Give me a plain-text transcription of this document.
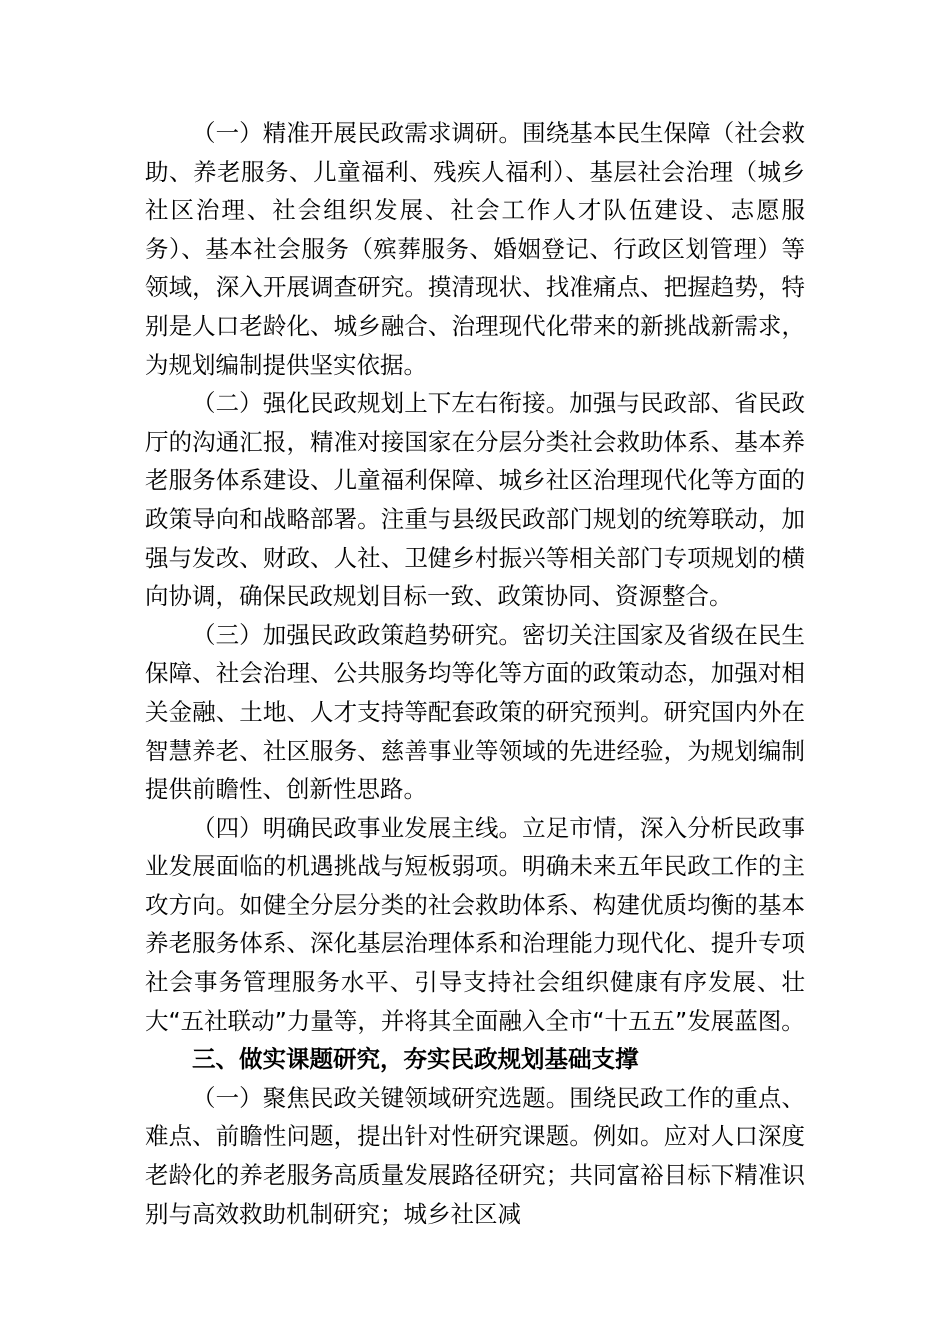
（一）精准开展民政需求调研。围绕基本民生保障（社会救助、养老服务、儿童福利、残疾人福利）、基层社会治理（城乡社区治理、社会组织发展、社会工作人才队伍建设、志愿服务）、基本社会服务（殡葬服务、婚姻登记、行政区划管理）等领域，深入开展调查研究。摸清现状、找准痛点、把握趋势，特别是人口老龄化、城乡融合、治理现代化带来的新挑战新需求，为规划编制提供坚实依据。

（二）强化民政规划上下左右衔接。加强与民政部、省民政厅的沟通汇报，精准对接国家在分层分类社会救助体系、基本养老服务体系建设、儿童福利保障、城乡社区治理现代化等方面的政策导向和战略部署。注重与县级民政部门规划的统筹联动，加强与发改、财政、人社、卫健乡村振兴等相关部门专项规划的横向协调，确保民政规划目标一致、政策协同、资源整合。

（三）加强民政政策趋势研究。密切关注国家及省级在民生保障、社会治理、公共服务均等化等方面的政策动态，加强对相关金融、土地、人才支持等配套政策的研究预判。研究国内外在智慧养老、社区服务、慈善事业等领域的先进经验，为规划编制提供前瞻性、创新性思路。

（四）明确民政事业发展主线。立足市情，深入分析民政事业发展面临的机遇挑战与短板弱项。明确未来五年民政工作的主攻方向。如健全分层分类的社会救助体系、构建优质均衡的基本养老服务体系、深化基层治理体系和治理能力现代化、提升专项社会事务管理服务水平、引导支持社会组织健康有序发展、壮大“五社联动”力量等，并将其全面融入全市“十五五”发展蓝图。

三、做实课题研究，夯实民政规划基础支撑

（一）聚焦民政关键领域研究选题。围绕民政工作的重点、难点、前瞻性问题，提出针对性研究课题。例如。应对人口深度老龄化的养老服务高质量发展路径研究；共同富裕目标下精准识别与高效救助机制研究；城乡社区减
